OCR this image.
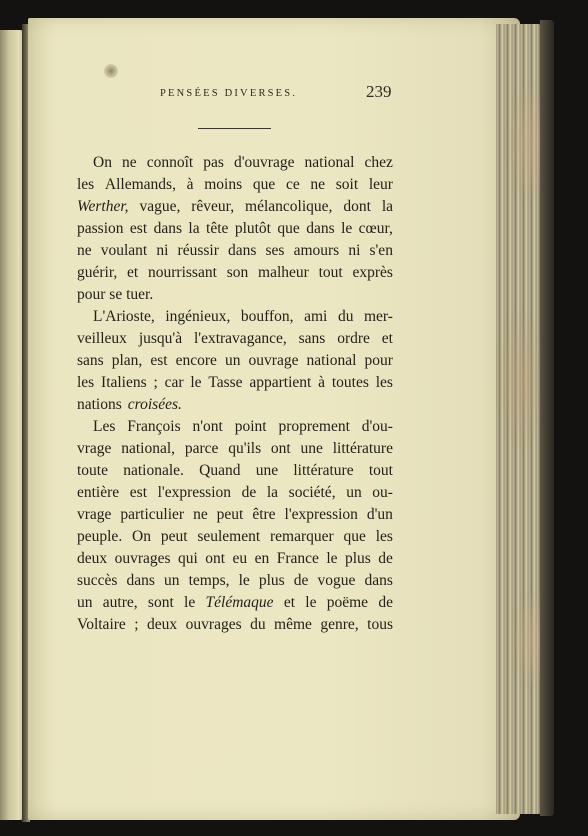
PENSÉES DIVERSES.	239
On ne connoît pas d'ouvrage national chez
les Allemands, à moins que ce ne soit leur
Werther, vague, rêveur, mélancolique, dont la
passion est dans la tête plutôt que dans le cœur,
ne voulant ni réussir dans ses amours ni s'en
guérir, et nourrissant son malheur tout exprès
pour se tuer.
L'Arioste, ingénieux, bouffon, ami du mer-
veilleux jusqu'à l'extravagance, sans ordre et
sans plan, est encore un ouvrage national pour
les Italiens ; car le Tasse appartient à toutes les
nations croisées.
Les François n'ont point proprement d'ou-
vrage national, parce qu'ils ont une littérature
toute nationale. Quand une littérature tout
entière est l'expression de la société, un ou-
vrage particulier ne peut être l'expression d'un
peuple. On peut seulement remarquer que les
deux ouvrages qui ont eu en France le plus de
succès dans un temps, le plus de vogue dans
un autre, sont le Télémaque et le poëme de
Voltaire ; deux ouvrages du même genre, tous
